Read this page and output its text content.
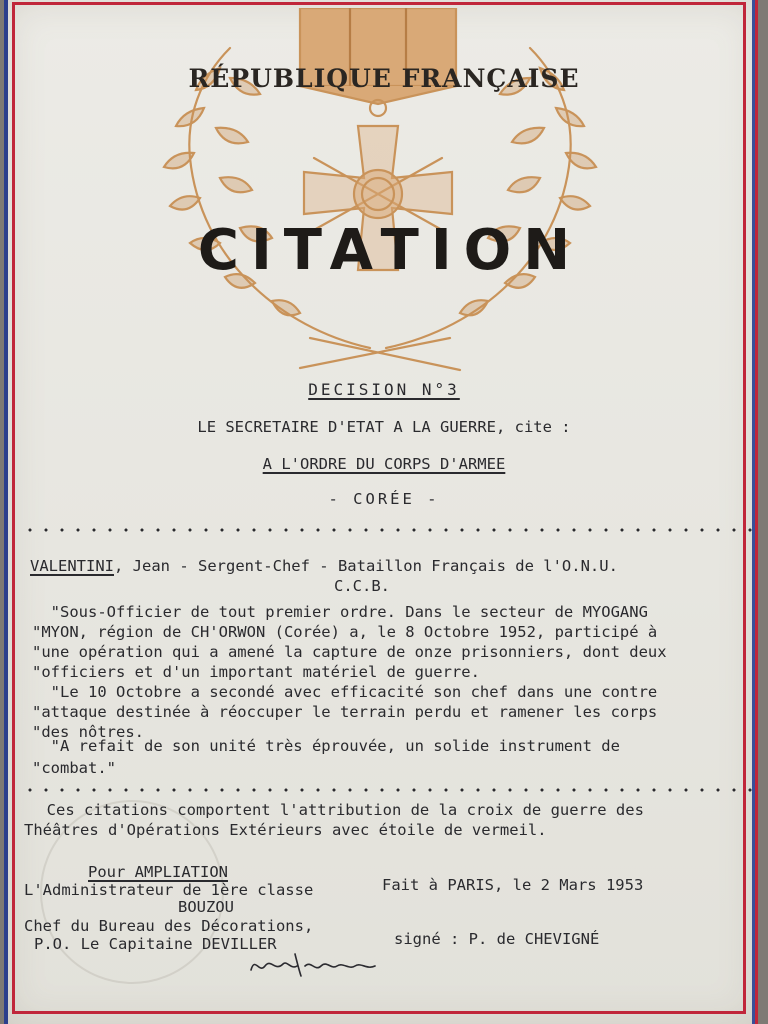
RÉPUBLIQUE FRANÇAISE
CITATION
DECISION N°3
LE SECRETAIRE D'ETAT A LA GUERRE, cite :
A L'ORDRE DU CORPS D'ARMEE
- CORÉE -
VALENTINI, Jean - Sergent-Chef - Bataillon Français de l'O.N.U.
C.C.B.
"Sous-Officier de tout premier ordre. Dans le secteur de MYOGANG
"MYON, région de CH'ORWON (Corée) a, le 8 Octobre 1952, participé à
"une opération qui a amené la capture de onze prisonniers, dont deux
"officiers et d'un important matériel de guerre.
"Le 10 Octobre a secondé avec efficacité son chef dans une contre
"attaque destinée à réoccuper le terrain perdu et ramener les corps
"des nôtres.
"A refait de son unité très éprouvée, un solide instrument de
"combat."
Ces citations comportent l'attribution de la croix de guerre des
Théâtres d'Opérations Extérieurs avec étoile de vermeil.
Pour AMPLIATION
L'Administrateur de 1ère classe	Fait à PARIS, le 2 Mars 1953
BOUZOU
Chef du Bureau des Décorations,
P.O. Le Capitaine DEVILLER	signé : P. de CHEVIGNÉ
